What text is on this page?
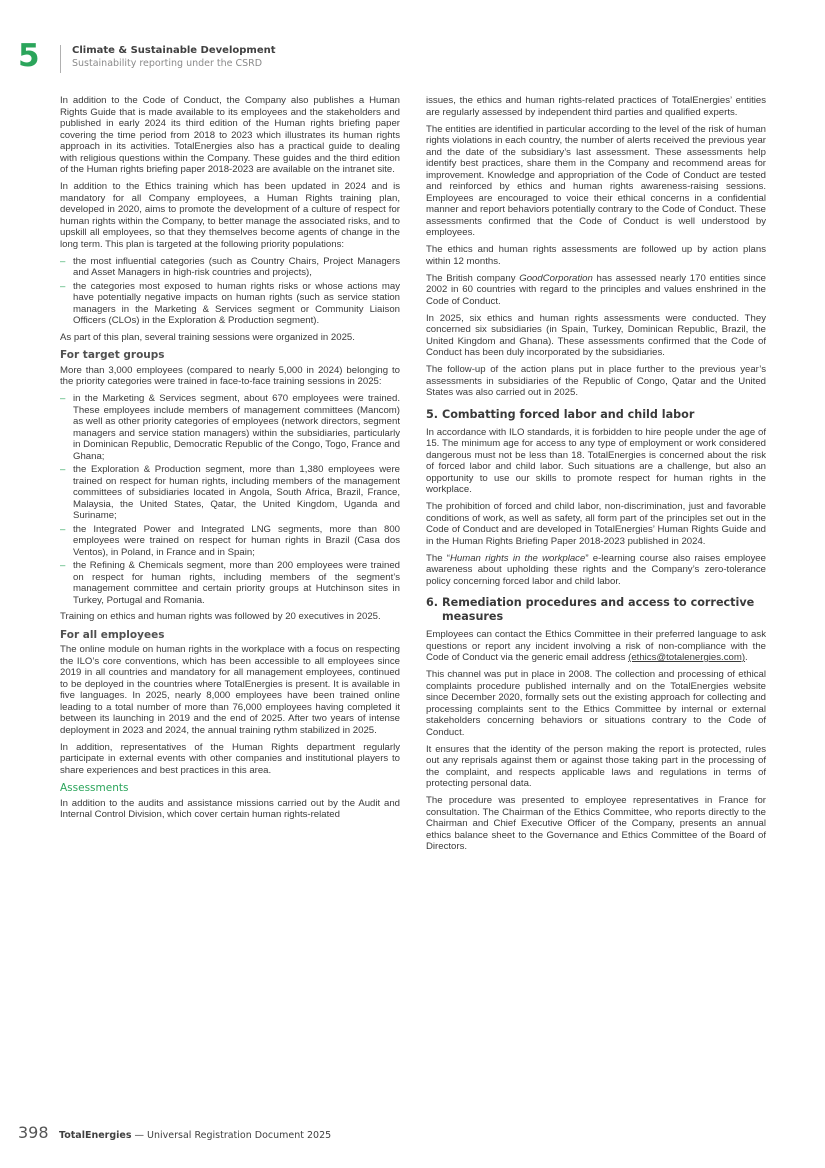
5	Climate & Sustainable Development
Sustainability reporting under the CSRD

In addition to the Code of Conduct, the Company also publishes a Human Rights Guide that is made available to its employees and the stakeholders and published in early 2024 its third edition of the Human rights briefing paper covering the time period from 2018 to 2023 which illustrates its human rights approach in its activities. TotalEnergies also has a practical guide to dealing with religious questions within the Company. These guides and the third edition of the Human rights briefing paper 2018-2023 are available on the intranet site.

In addition to the Ethics training which has been updated in 2024 and is mandatory for all Company employees, a Human Rights training plan, developed in 2020, aims to promote the development of a culture of respect for human rights within the Company, to better manage the associated risks, and to upskill all employees, so that they themselves become agents of change in the long term. This plan is targeted at the following priority populations:

– the most influential categories (such as Country Chairs, Project Managers and Asset Managers in high-risk countries and projects),
– the categories most exposed to human rights risks or whose actions may have potentially negative impacts on human rights (such as service station managers in the Marketing & Services segment or Community Liaison Officers (CLOs) in the Exploration & Production segment).

As part of this plan, several training sessions were organized in 2025.

For target groups

More than 3,000 employees (compared to nearly 5,000 in 2024) belonging to the priority categories were trained in face-to-face training sessions in 2025:

– in the Marketing & Services segment, about 670 employees were trained. These employees include members of management committees (Mancom) as well as other priority categories of employees (network directors, segment managers and service station managers) within the subsidiaries, particularly in Dominican Republic, Democratic Republic of the Congo, Togo, France and Ghana;
– the Exploration & Production segment, more than 1,380 employees were trained on respect for human rights, including members of the management committees of subsidiaries located in Angola, South Africa, Brazil, France, Malaysia, the United States, Qatar, the United Kingdom, Uganda and Suriname;
– the Integrated Power and Integrated LNG segments, more than 800 employees were trained on respect for human rights in Brazil (Casa dos Ventos), in Poland, in France and in Spain;
– the Refining & Chemicals segment, more than 200 employees were trained on respect for human rights, including members of the segment’s management committee and certain priority groups at Hutchinson sites in Turkey, Portugal and Romania.

Training on ethics and human rights was followed by 20 executives in 2025.

For all employees

The online module on human rights in the workplace with a focus on respecting the ILO’s core conventions, which has been accessible to all employees since 2019 in all countries and mandatory for all management employees, continued to be deployed in the countries where TotalEnergies is present. It is available in five languages. In 2025, nearly 8,000 employees have been trained online leading to a total number of more than 76,000 employees having completed it between its launching in 2019 and the end of 2025. After two years of intense deployment in 2023 and 2024, the annual training rythm stabilized in 2025.

In addition, representatives of the Human Rights department regularly participate in external events with other companies and institutional players to share experiences and best practices in this area.

Assessments

In addition to the audits and assistance missions carried out by the Audit and Internal Control Division, which cover certain human rights-related

issues, the ethics and human rights-related practices of TotalEnergies’ entities are regularly assessed by independent third parties and qualified experts.

The entities are identified in particular according to the level of the risk of human rights violations in each country, the number of alerts received the previous year and the date of the subsidiary’s last assessment. These assessments help identify best practices, share them in the Company and recommend areas for improvement. Knowledge and appropriation of the Code of Conduct are tested and reinforced by ethics and human rights awareness-raising sessions. Employees are encouraged to voice their ethical concerns in a confidential manner and report behaviors potentially contrary to the Code of Conduct. These assessments confirmed that the Code of Conduct is well understood by employees.

The ethics and human rights assessments are followed up by action plans within 12 months.

The British company GoodCorporation has assessed nearly 170 entities since 2002 in 60 countries with regard to the principles and values enshrined in the Code of Conduct.

In 2025, six ethics and human rights assessments were conducted. They concerned six subsidiaries (in Spain, Turkey, Dominican Republic, Brazil, the United Kingdom and Ghana). These assessments confirmed that the Code of Conduct has been duly incorporated by the subsidiaries.

The follow-up of the action plans put in place further to the previous year’s assessments in subsidiaries of the Republic of Congo, Qatar and the United States was also carried out in 2025.

5. Combatting forced labor and child labor

In accordance with ILO standards, it is forbidden to hire people under the age of 15. The minimum age for access to any type of employment or work considered dangerous must not be less than 18. TotalEnergies is concerned about the risk of forced labor and child labor. Such situations are a challenge, but also an opportunity to use our skills to promote respect for human rights in the workplace.

The prohibition of forced and child labor, non-discrimination, just and favorable conditions of work, as well as safety, all form part of the principles set out in the Code of Conduct and are developed in TotalEnergies’ Human Rights Guide and in the Human Rights Briefing Paper 2018-2023 published in 2024.

The “Human rights in the workplace” e-learning course also raises employee awareness about upholding these rights and the Company’s zero-tolerance policy concerning forced labor and child labor.

6. Remediation procedures and access to corrective
measures

Employees can contact the Ethics Committee in their preferred language to ask questions or report any incident involving a risk of non-compliance with the Code of Conduct via the generic email address (ethics@totalenergies.com).

This channel was put in place in 2008. The collection and processing of ethical complaints procedure published internally and on the TotalEnergies website since December 2020, formally sets out the existing approach for collecting and processing complaints sent to the Ethics Committee by internal or external stakeholders concerning behaviors or situations contrary to the Code of Conduct.

It ensures that the identity of the person making the report is protected, rules out any reprisals against them or against those taking part in the processing of the complaint, and respects applicable laws and regulations in terms of protecting personal data.

The procedure was presented to employee representatives in France for consultation. The Chairman of the Ethics Committee, who reports directly to the Chairman and Chief Executive Officer of the Company, presents an annual ethics balance sheet to the Governance and Ethics Committee of the Board of Directors.

398 TotalEnergies — Universal Registration Document 2025
